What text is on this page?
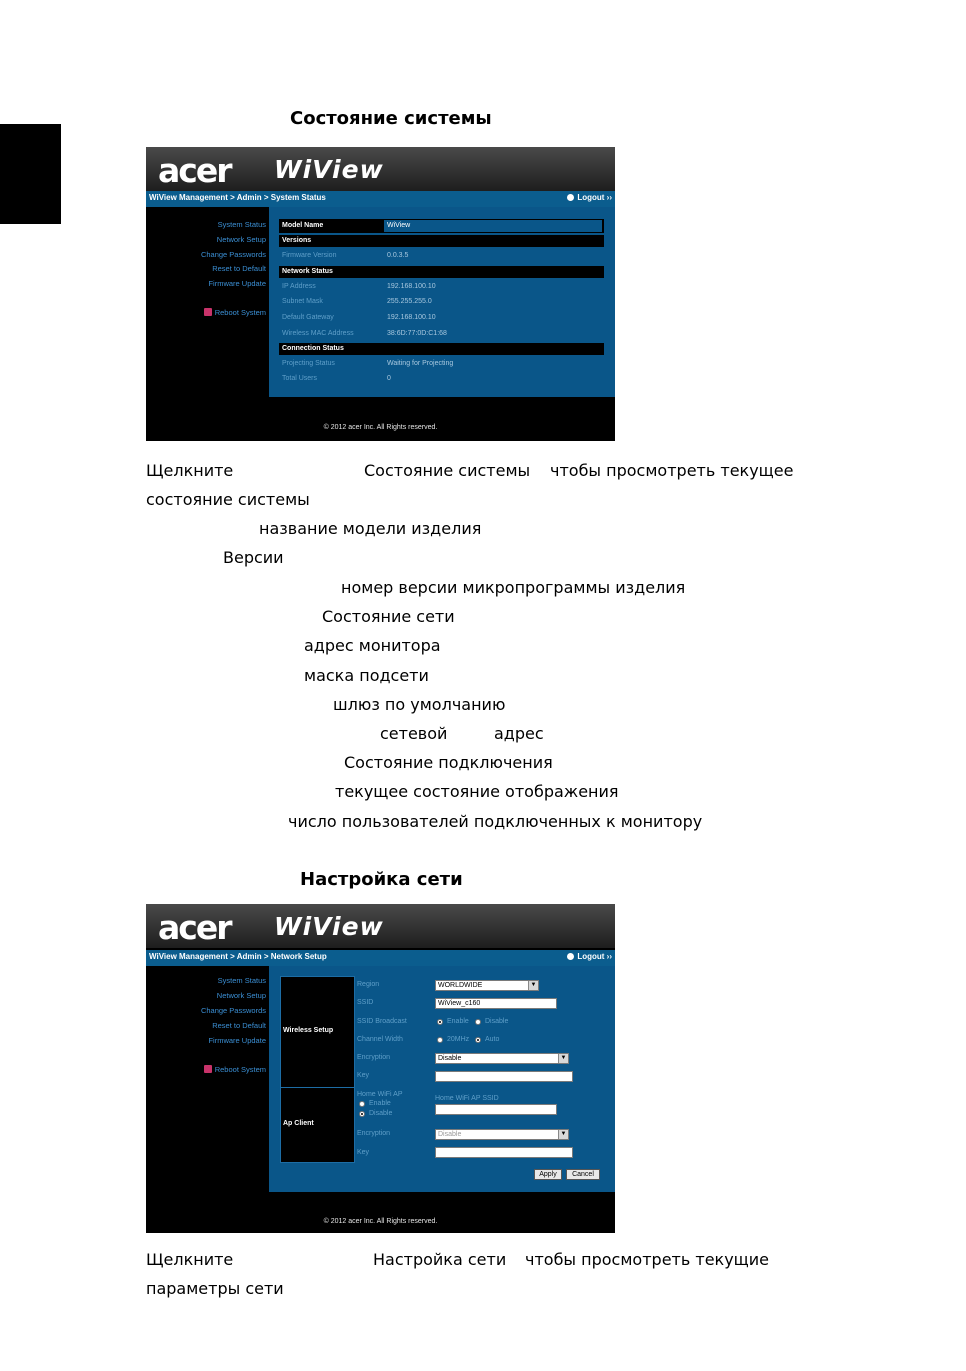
Состояние системы
acer WiView
WiView Management > Admin > System Status	Logout ››
System Status
Network Setup
Change Passwords
Reset to Default
Firmware Update
Reboot System
Model Name	WiView
Versions
Firmware Version	0.0.3.5
Network Status
IP Address	192.168.100.10
Subnet Mask	255.255.255.0
Default Gateway	192.168.100.10
Wireless MAC Address	38:6D:77:0D:C1:68
Connection Status
Projecting Status	Waiting for Projecting
Total Users	0
© 2012 acer Inc. All Rights reserved.
Щелкните	Состояние системы чтобы просмотреть текущее
состояние системы
название модели изделия
Версии
номер версии микропрограммы изделия
Состояние сети
адрес монитора
маска подсети
шлюз по умолчанию
сетевой	адрес
Состояние подключения
текущее состояние отображения
число пользователей подключенных к монитору
Настройка сети
acer WiView
WiView Management > Admin > Network Setup	Logout ››
System Status
Network Setup
Change Passwords
Reset to Default
Firmware Update
Reboot System
Wireless Setup
Ap Client
Region	WORLDWIDE	▼
SSID	WiView_c160
SSID Broadcast	Enable Disable
Channel Width	20MHz Auto
Encryption	Disable	▼
Key
Home WiFi AP
Enable
Disable
Home WiFi AP SSID
Encryption	Disable	▼
Key
Apply	Cancel
© 2012 acer Inc. All Rights reserved.
Щелкните	Настройка сети чтобы просмотреть текущие
параметры сети
